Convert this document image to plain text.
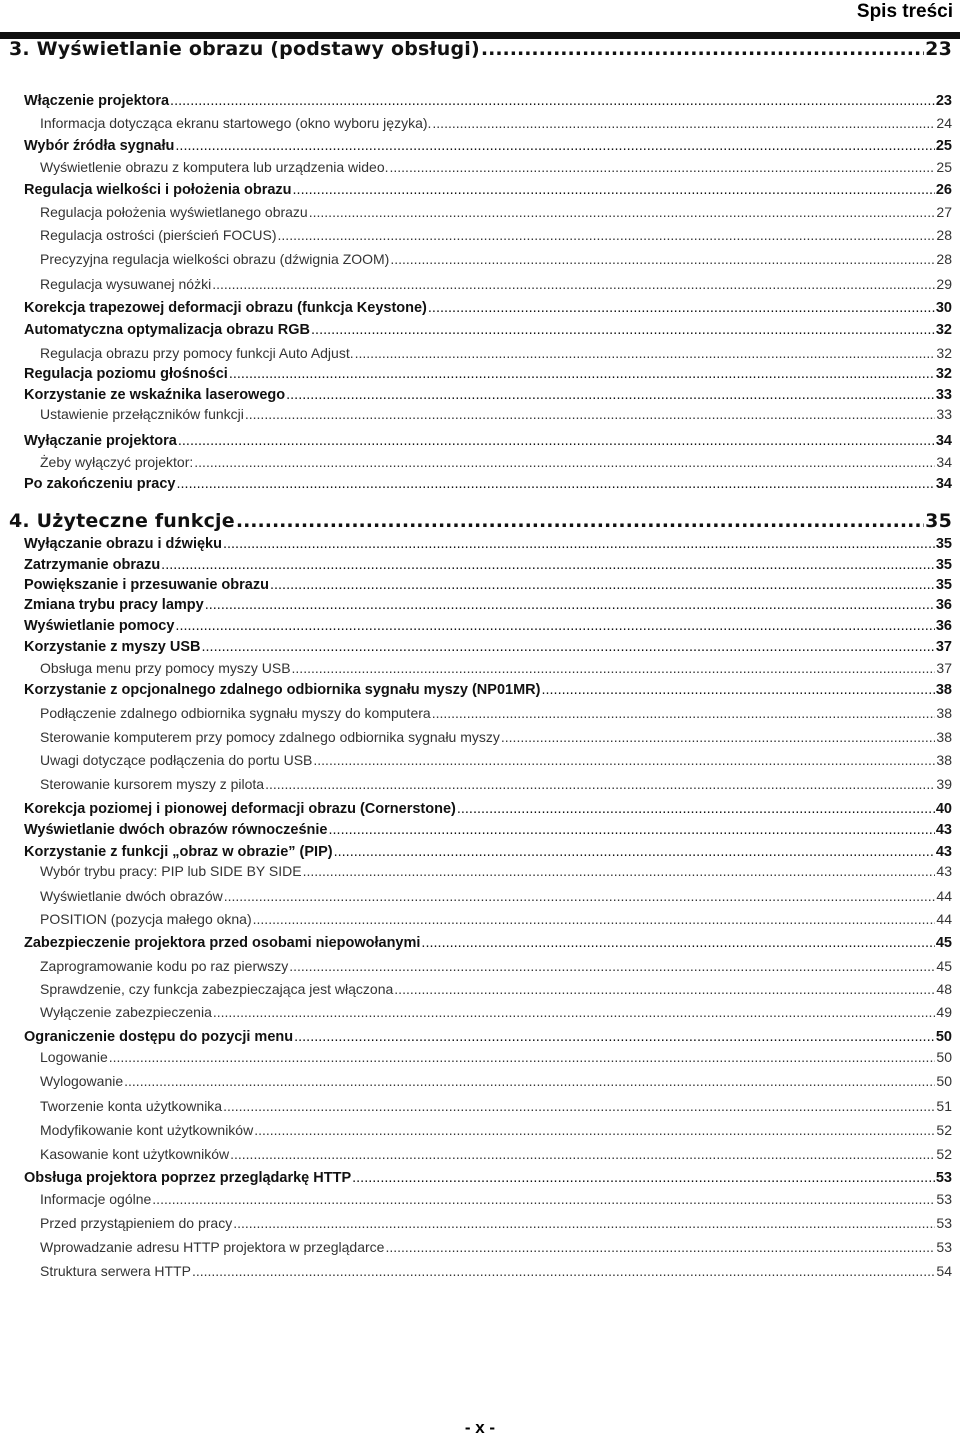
Spis treści
3. Wyświetlanie obrazu (podstawy obsługi) .....	23
Włączenie projektora .....	23
Informacja dotycząca ekranu startowego (okno wyboru języka). .....	24
Wybór źródła sygnału .....	25
Wyświetlenie obrazu z komputera lub urządzenia wideo. .....	25
Regulacja wielkości i położenia obrazu .....	26
Regulacja położenia wyświetlanego obrazu .....	27
Regulacja ostrości (pierścień FOCUS) .....	28
Precyzyjna regulacja wielkości obrazu (dźwignia ZOOM) .....	28
Regulacja wysuwanej nóżki .....	29
Korekcja trapezowej deformacji obrazu (funkcja Keystone) .....	30
Automatyczna optymalizacja obrazu RGB .....	32
Regulacja obrazu przy pomocy funkcji Auto Adjust. .....	32
Regulacja poziomu głośności .....	32
Korzystanie ze wskaźnika laserowego .....	33
Ustawienie przełączników funkcji .....	33
Wyłączanie projektora .....	34
Żeby wyłączyć projektor: .....	34
Po zakończeniu pracy .....	34
4. Użyteczne funkcje .....	35
Wyłączanie obrazu i dźwięku .....	35
Zatrzymanie obrazu .....	35
Powiększanie i przesuwanie obrazu .....	35
Zmiana trybu pracy lampy .....	36
Wyświetlanie pomocy .....	36
Korzystanie z myszy USB .....	37
Obsługa menu przy pomocy myszy USB .....	37
Korzystanie z opcjonalnego zdalnego odbiornika sygnału myszy (NP01MR) .....	38
Podłączenie zdalnego odbiornika sygnału myszy do komputera .....	38
Sterowanie komputerem przy pomocy zdalnego odbiornika sygnału myszy .....	38
Uwagi dotyczące podłączenia do portu USB .....	38
Sterowanie kursorem myszy z pilota .....	39
Korekcja poziomej i pionowej deformacji obrazu (Cornerstone) .....	40
Wyświetlanie dwóch obrazów równocześnie .....	43
Korzystanie z funkcji „obraz w obrazie” (PIP) .....	43
Wybór trybu pracy: PIP lub SIDE BY SIDE .....	43
Wyświetlanie dwóch obrazów .....	44
POSITION (pozycja małego okna) .....	44
Zabezpieczenie projektora przed osobami niepowołanymi .....	45
Zaprogramowanie kodu po raz pierwszy .....	45
Sprawdzenie, czy funkcja zabezpieczająca jest włączona .....	48
Wyłączenie zabezpieczenia .....	49
Ograniczenie dostępu do pozycji menu .....	50
Logowanie .....	50
Wylogowanie .....	50
Tworzenie konta użytkownika .....	51
Modyfikowanie kont użytkowników .....	52
Kasowanie kont użytkowników .....	52
Obsługa projektora poprzez przeglądarkę HTTP .....	53
Informacje ogólne .....	53
Przed przystąpieniem do pracy .....	53
Wprowadzanie adresu HTTP projektora w przeglądarce .....	53
Struktura serwera HTTP .....	54
- x -
